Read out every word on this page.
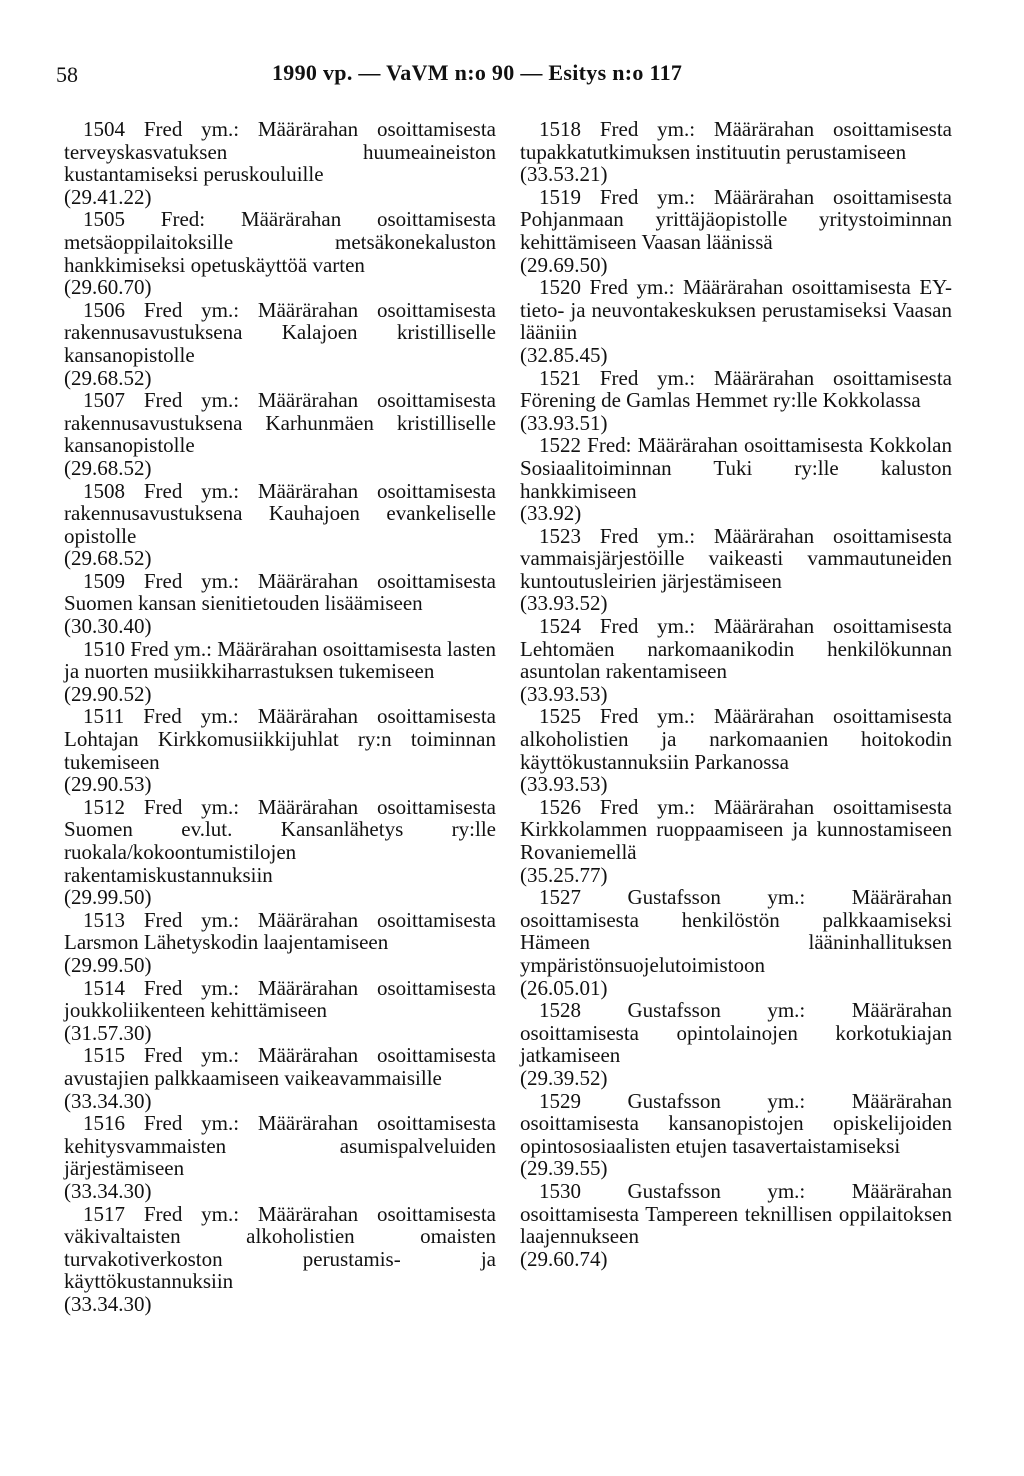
58	1990 vp. — VaVM n:o 90 — Esitys n:o 117
1504 Fred ym.: Määrärahan osoittamisesta terveyskasvatuksen huumeaineiston kustantamiseksi peruskouluille
(29.41.22)
1505 Fred: Määrärahan osoittamisesta metsäoppilaitoksille metsäkonekaluston hankkimiseksi opetuskäyttöä varten
(29.60.70)
1506 Fred ym.: Määrärahan osoittamisesta rakennusavustuksena Kalajoen kristilliselle kansanopistolle
(29.68.52)
1507 Fred ym.: Määrärahan osoittamisesta rakennusavustuksena Karhunmäen kristilliselle kansanopistolle
(29.68.52)
1508 Fred ym.: Määrärahan osoittamisesta rakennusavustuksena Kauhajoen evankeliselle opistolle
(29.68.52)
1509 Fred ym.: Määrärahan osoittamisesta Suomen kansan sienitietouden lisäämiseen
(30.30.40)
1510 Fred ym.: Määrärahan osoittamisesta lasten ja nuorten musiikkiharrastuksen tukemiseen
(29.90.52)
1511 Fred ym.: Määrärahan osoittamisesta Lohtajan Kirkkomusiikkijuhlat ry:n toiminnan tukemiseen
(29.90.53)
1512 Fred ym.: Määrärahan osoittamisesta Suomen ev.lut. Kansanlähetys ry:lle ruokala/kokoontumistilojen rakentamiskustannuksiin
(29.99.50)
1513 Fred ym.: Määrärahan osoittamisesta Larsmon Lähetyskodin laajentamiseen
(29.99.50)
1514 Fred ym.: Määrärahan osoittamisesta joukkoliikenteen kehittämiseen
(31.57.30)
1515 Fred ym.: Määrärahan osoittamisesta avustajien palkkaamiseen vaikeavammaisille
(33.34.30)
1516 Fred ym.: Määrärahan osoittamisesta kehitysvammaisten asumispalveluiden järjestämiseen
(33.34.30)
1517 Fred ym.: Määrärahan osoittamisesta väkivaltaisten alkoholistien omaisten turvakotiverkoston perustamis- ja käyttökustannuksiin
(33.34.30)
1518 Fred ym.: Määrärahan osoittamisesta tupakkatutkimuksen instituutin perustamiseen
(33.53.21)
1519 Fred ym.: Määrärahan osoittamisesta Pohjanmaan yrittäjäopistolle yritystoiminnan kehittämiseen Vaasan läänissä
(29.69.50)
1520 Fred ym.: Määrärahan osoittamisesta EY-tieto- ja neuvontakeskuksen perustamiseksi Vaasan lääniin
(32.85.45)
1521 Fred ym.: Määrärahan osoittamisesta Förening de Gamlas Hemmet ry:lle Kokkolassa
(33.93.51)
1522 Fred: Määrärahan osoittamisesta Kokkolan Sosiaalitoiminnan Tuki ry:lle kaluston hankkimiseen
(33.92)
1523 Fred ym.: Määrärahan osoittamisesta vammaisjärjestöille vaikeasti vammautuneiden kuntoutusleirien järjestämiseen
(33.93.52)
1524 Fred ym.: Määrärahan osoittamisesta Lehtomäen narkomaanikodin henkilökunnan asuntolan rakentamiseen
(33.93.53)
1525 Fred ym.: Määrärahan osoittamisesta alkoholistien ja narkomaanien hoitokodin käyttökustannuksiin Parkanossa
(33.93.53)
1526 Fred ym.: Määrärahan osoittamisesta Kirkkolammen ruoppaamiseen ja kunnostamiseen Rovaniemellä
(35.25.77)
1527 Gustafsson ym.: Määrärahan osoittamisesta henkilöstön palkkaamiseksi Hämeen lääninhallituksen ympäristönsuojelutoimistoon
(26.05.01)
1528 Gustafsson ym.: Määrärahan osoittamisesta opintolainojen korkotukiajan jatkamiseen
(29.39.52)
1529 Gustafsson ym.: Määrärahan osoittamisesta kansanopistojen opiskelijoiden opintososiaalisten etujen tasavertaistamiseksi
(29.39.55)
1530 Gustafsson ym.: Määrärahan osoittamisesta Tampereen teknillisen oppilaitoksen laajennukseen
(29.60.74)
